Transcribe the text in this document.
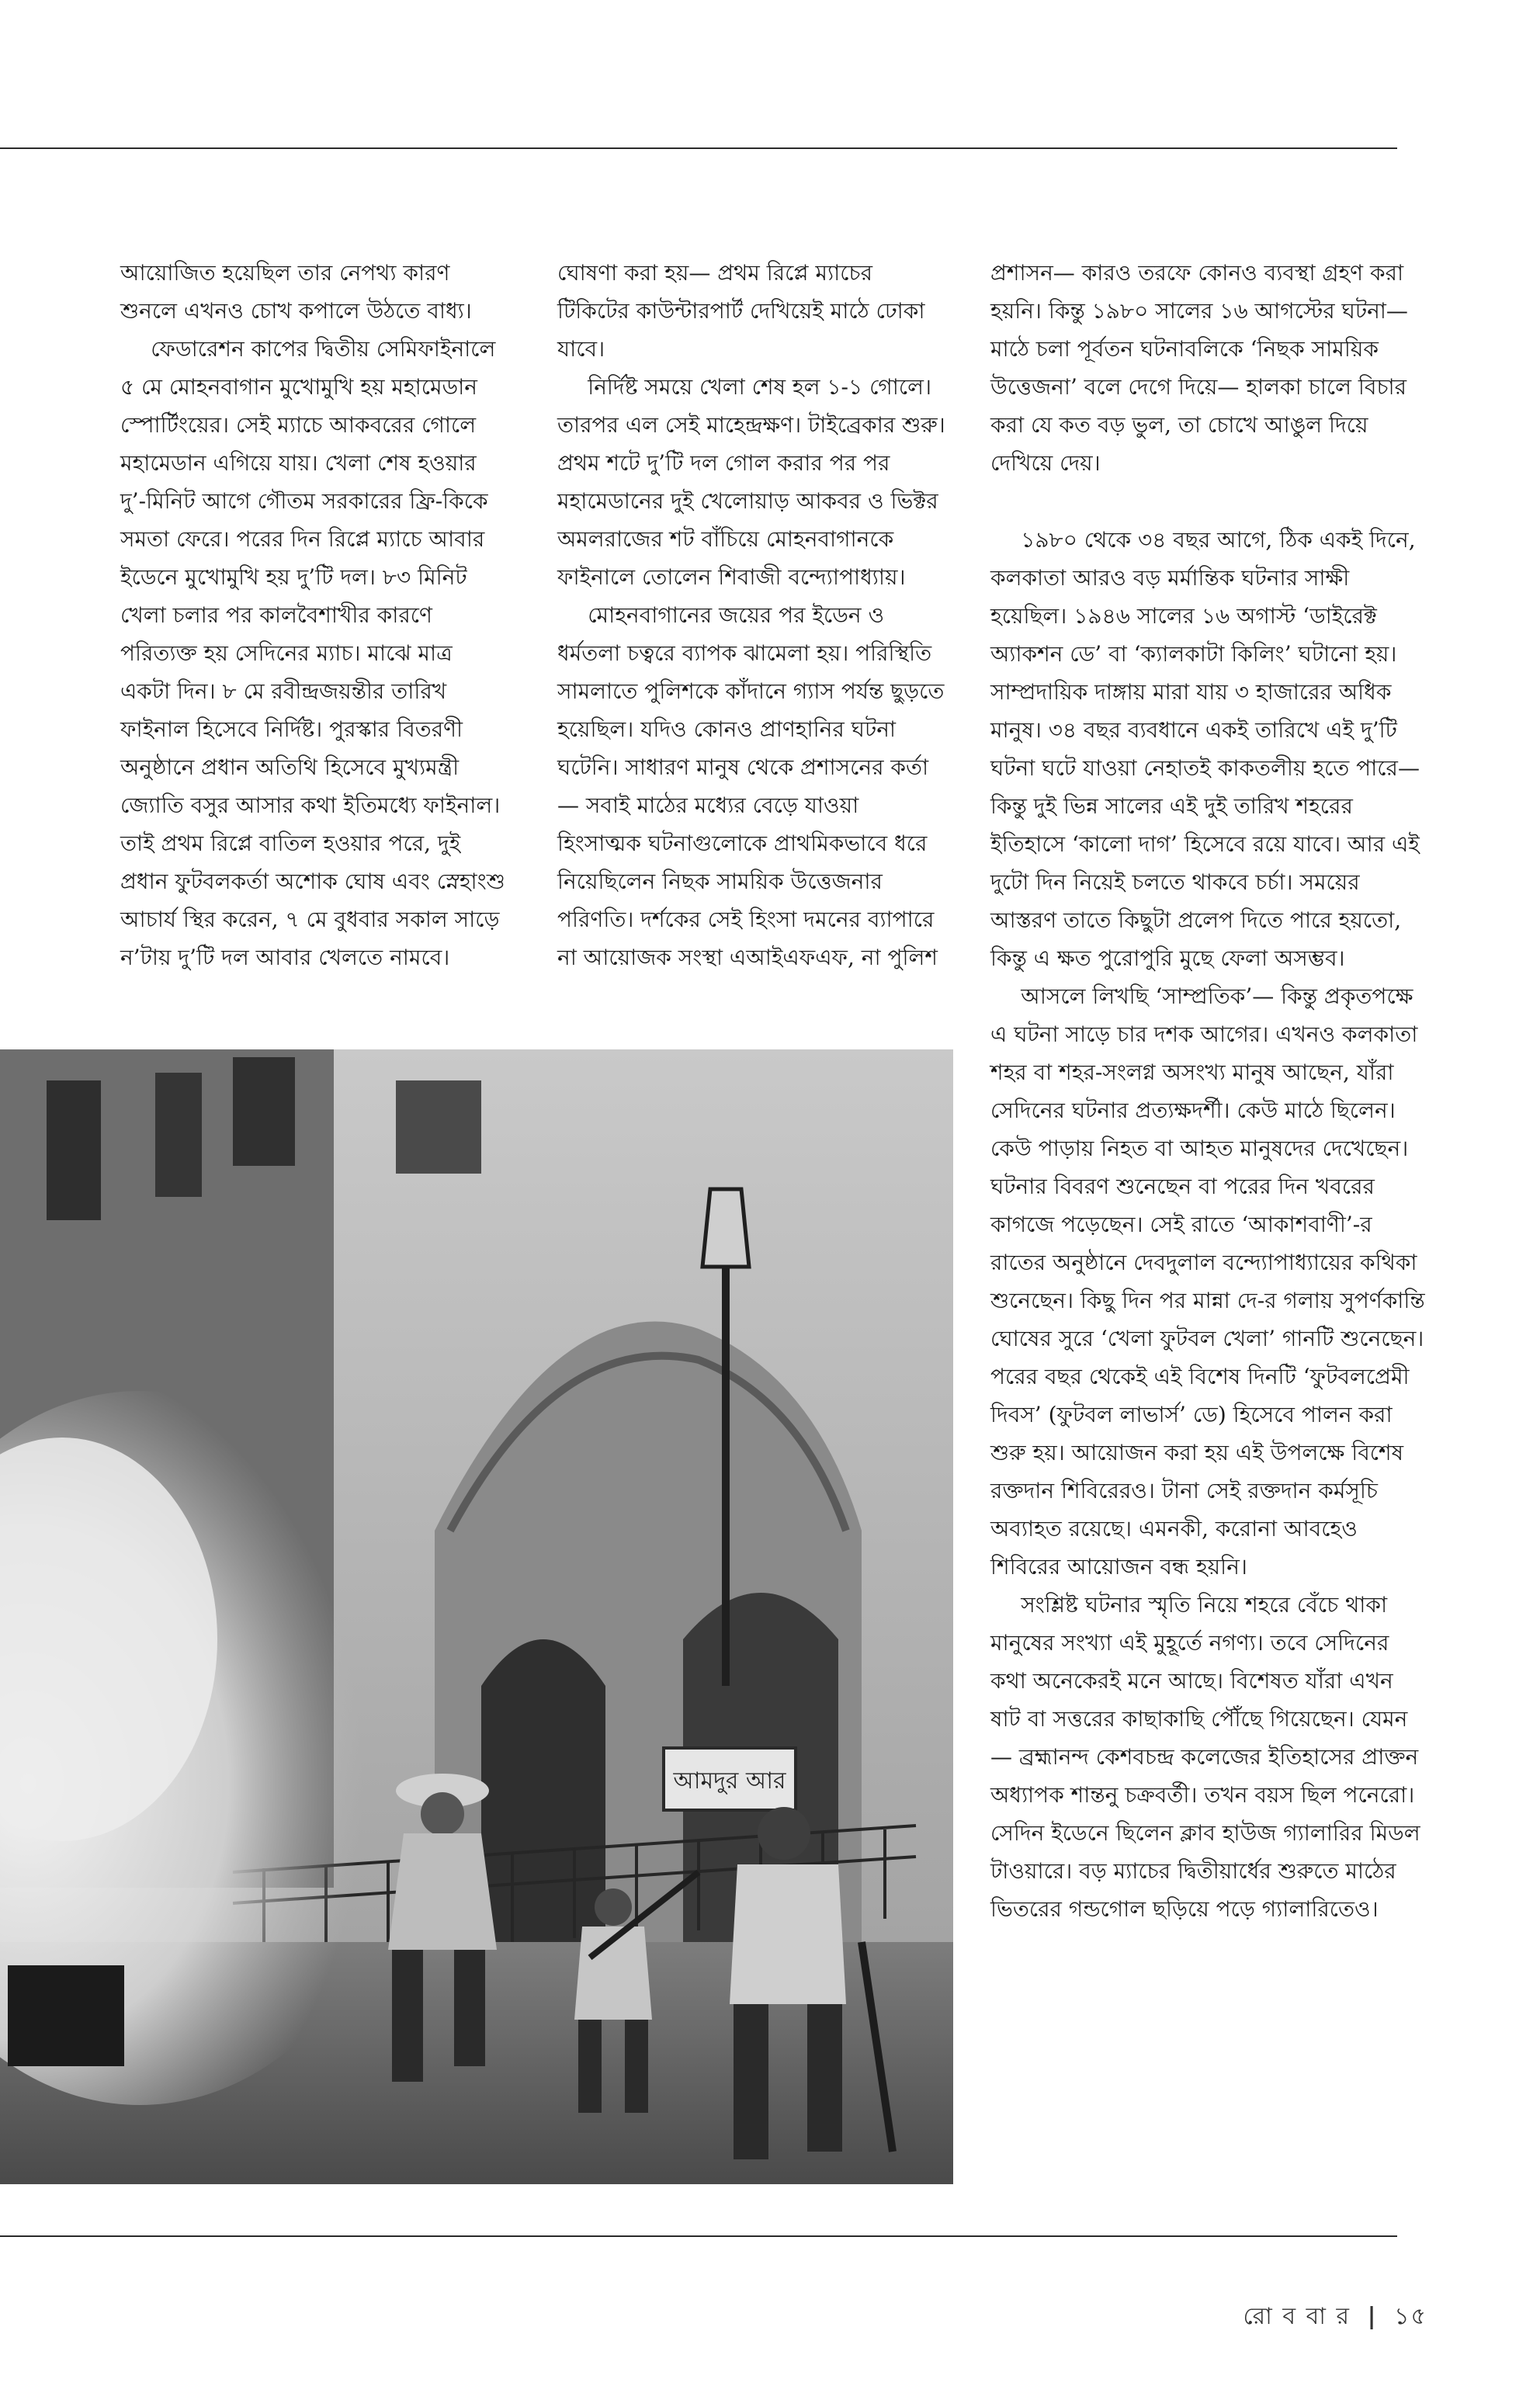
আয়োজিত হয়েছিল তার নেপথ্য কারণ শুনলে এখনও চোখ কপালে উঠতে বাধ্য।

ফেডারেশন কাপের দ্বিতীয় সেমিফাইনালে ৫ মে মোহনবাগান মুখোমুখি হয় মহামেডান স্পোর্টিংয়ের। সেই ম্যাচে আকবরের গোলে মহামেডান এগিয়ে যায়। খেলা শেষ হওয়ার দু’-মিনিট আগে গৌতম সরকারের ফ্রি-কিকে সমতা ফেরে। পরের দিন রিপ্লে ম্যাচে আবার ইডেনে মুখোমুখি হয় দু’টি দল। ৮৩ মিনিট খেলা চলার পর কালবৈশাখীর কারণে পরিত্যক্ত হয় সেদিনের ম্যাচ। মাঝে মাত্র একটা দিন। ৮ মে রবীন্দ্রজয়ন্তীর তারিখ ফাইনাল হিসেবে নির্দিষ্ট। পুরস্কার বিতরণী অনুষ্ঠানে প্রধান অতিথি হিসেবে মুখ্যমন্ত্রী জ্যোতি বসুর আসার কথা ইতিমধ্যে ফাইনাল। তাই প্রথম রিপ্লে বাতিল হওয়ার পরে, দুই প্রধান ফুটবলকর্তা অশোক ঘোষ এবং স্নেহাংশু আচার্য স্থির করেন, ৭ মে বুধবার সকাল সাড়ে ন’টায় দু’টি দল আবার খেলতে নামবে।

ঘোষণা করা হয়— প্রথম রিপ্লে ম্যাচের টিকিটের কাউন্টারপার্ট দেখিয়েই মাঠে ঢোকা যাবে।

নির্দিষ্ট সময়ে খেলা শেষ হল ১-১ গোলে। তারপর এল সেই মাহেন্দ্রক্ষণ। টাইব্রেকার শুরু। প্রথম শটে দু’টি দল গোল করার পর পর মহামেডানের দুই খেলোয়াড় আকবর ও ভিক্টর অমলরাজের শট বাঁচিয়ে মোহনবাগানকে ফাইনালে তোলেন শিবাজী বন্দ্যোপাধ্যায়।

মোহনবাগানের জয়ের পর ইডেন ও ধর্মতলা চত্বরে ব্যাপক ঝামেলা হয়। পরিস্থিতি সামলাতে পুলিশকে কাঁদানে গ্যাস পর্যন্ত ছুড়তে হয়েছিল। যদিও কোনও প্রাণহানির ঘটনা ঘটেনি। সাধারণ মানুষ থেকে প্রশাসনের কর্তা— সবাই মাঠের মধ্যের বেড়ে যাওয়া হিংসাত্মক ঘটনাগুলোকে প্রাথমিকভাবে ধরে নিয়েছিলেন নিছক সাময়িক উত্তেজনার পরিণতি। দর্শকের সেই হিংসা দমনের ব্যাপারে না আয়োজক সংস্থা এআইএফএফ, না পুলিশ

প্রশাসন— কারও তরফে কোনও ব্যবস্থা গ্রহণ করা হয়নি। কিন্তু ১৯৮০ সালের ১৬ আগস্টের ঘটনা— মাঠে চলা পূর্বতন ঘটনাবলিকে ‘নিছক সাময়িক উত্তেজনা’ বলে দেগে দিয়ে— হালকা চালে বিচার করা যে কত বড় ভুল, তা চোখে আঙুল দিয়ে দেখিয়ে দেয়।

১৯৮০ থেকে ৩৪ বছর আগে, ঠিক একই দিনে, কলকাতা আরও বড় মর্মান্তিক ঘটনার সাক্ষী হয়েছিল। ১৯৪৬ সালের ১৬ অগাস্ট ‘ডাইরেক্ট অ্যাকশন ডে’ বা ‘ক্যালকাটা কিলিং’ ঘটানো হয়। সাম্প্রদায়িক দাঙ্গায় মারা যায় ৩ হাজারের অধিক মানুষ। ৩৪ বছর ব্যবধানে একই তারিখে এই দু’টি ঘটনা ঘটে যাওয়া নেহাতই কাকতলীয় হতে পারে— কিন্তু দুই ভিন্ন সালের এই দুই তারিখ শহরের ইতিহাসে ‘কালো দাগ’ হিসেবে রয়ে যাবে। আর এই দুটো দিন নিয়েই চলতে থাকবে চর্চা। সময়ের আস্তরণ তাতে কিছুটা প্রলেপ দিতে পারে হয়তো, কিন্তু এ ক্ষত পুরোপুরি মুছে ফেলা অসম্ভব।

আসলে লিখছি ‘সাম্প্রতিক’— কিন্তু প্রকৃতপক্ষে এ ঘটনা সাড়ে চার দশক আগের। এখনও কলকাতা শহর বা শহর-সংলগ্ন অসংখ্য মানুষ আছেন, যাঁরা সেদিনের ঘটনার প্রত্যক্ষদর্শী। কেউ মাঠে ছিলেন। কেউ পাড়ায় নিহত বা আহত মানুষদের দেখেছেন। ঘটনার বিবরণ শুনেছেন বা পরের দিন খবরের কাগজে পড়েছেন। সেই রাতে ‘আকাশবাণী’-র রাতের অনুষ্ঠানে দেবদুলাল বন্দ্যোপাধ্যায়ের কথিকা শুনেছেন। কিছু দিন পর মান্না দে-র গলায় সুপর্ণকান্তি ঘোষের সুরে ‘খেলা ফুটবল খেলা’ গানটি শুনেছেন। পরের বছর থেকেই এই বিশেষ দিনটি ‘ফুটবলপ্রেমী দিবস’ (ফুটবল লাভার্স’ ডে) হিসেবে পালন করা শুরু হয়। আয়োজন করা হয় এই উপলক্ষে বিশেষ রক্তদান শিবিরেরও। টানা সেই রক্তদান কর্মসূচি অব্যাহত রয়েছে। এমনকী, করোনা আবহেও শিবিরের আয়োজন বন্ধ হয়নি।

সংশ্লিষ্ট ঘটনার স্মৃতি নিয়ে শহরে বেঁচে থাকা মানুষের সংখ্যা এই মুহূর্তে নগণ্য। তবে সেদিনের কথা অনেকেরই মনে আছে। বিশেষত যাঁরা এখন ষাট বা সত্তরের কাছাকাছি পৌঁছে গিয়েছেন। যেমন— ব্রহ্মানন্দ কেশবচন্দ্র কলেজের ইতিহাসের প্রাক্তন অধ্যাপক শান্তনু চক্রবর্তী। তখন বয়স ছিল পনেরো। সেদিন ইডেনে ছিলেন ক্লাব হাউজ গ্যালারির মিডল টাওয়ারে। বড় ম্যাচের দ্বিতীয়ার্ধের শুরুতে মাঠের ভিতরের গন্ডগোল ছড়িয়ে পড়ে গ্যালারিতেও।

আমদুর আর
রো ব বা র | ১৫
